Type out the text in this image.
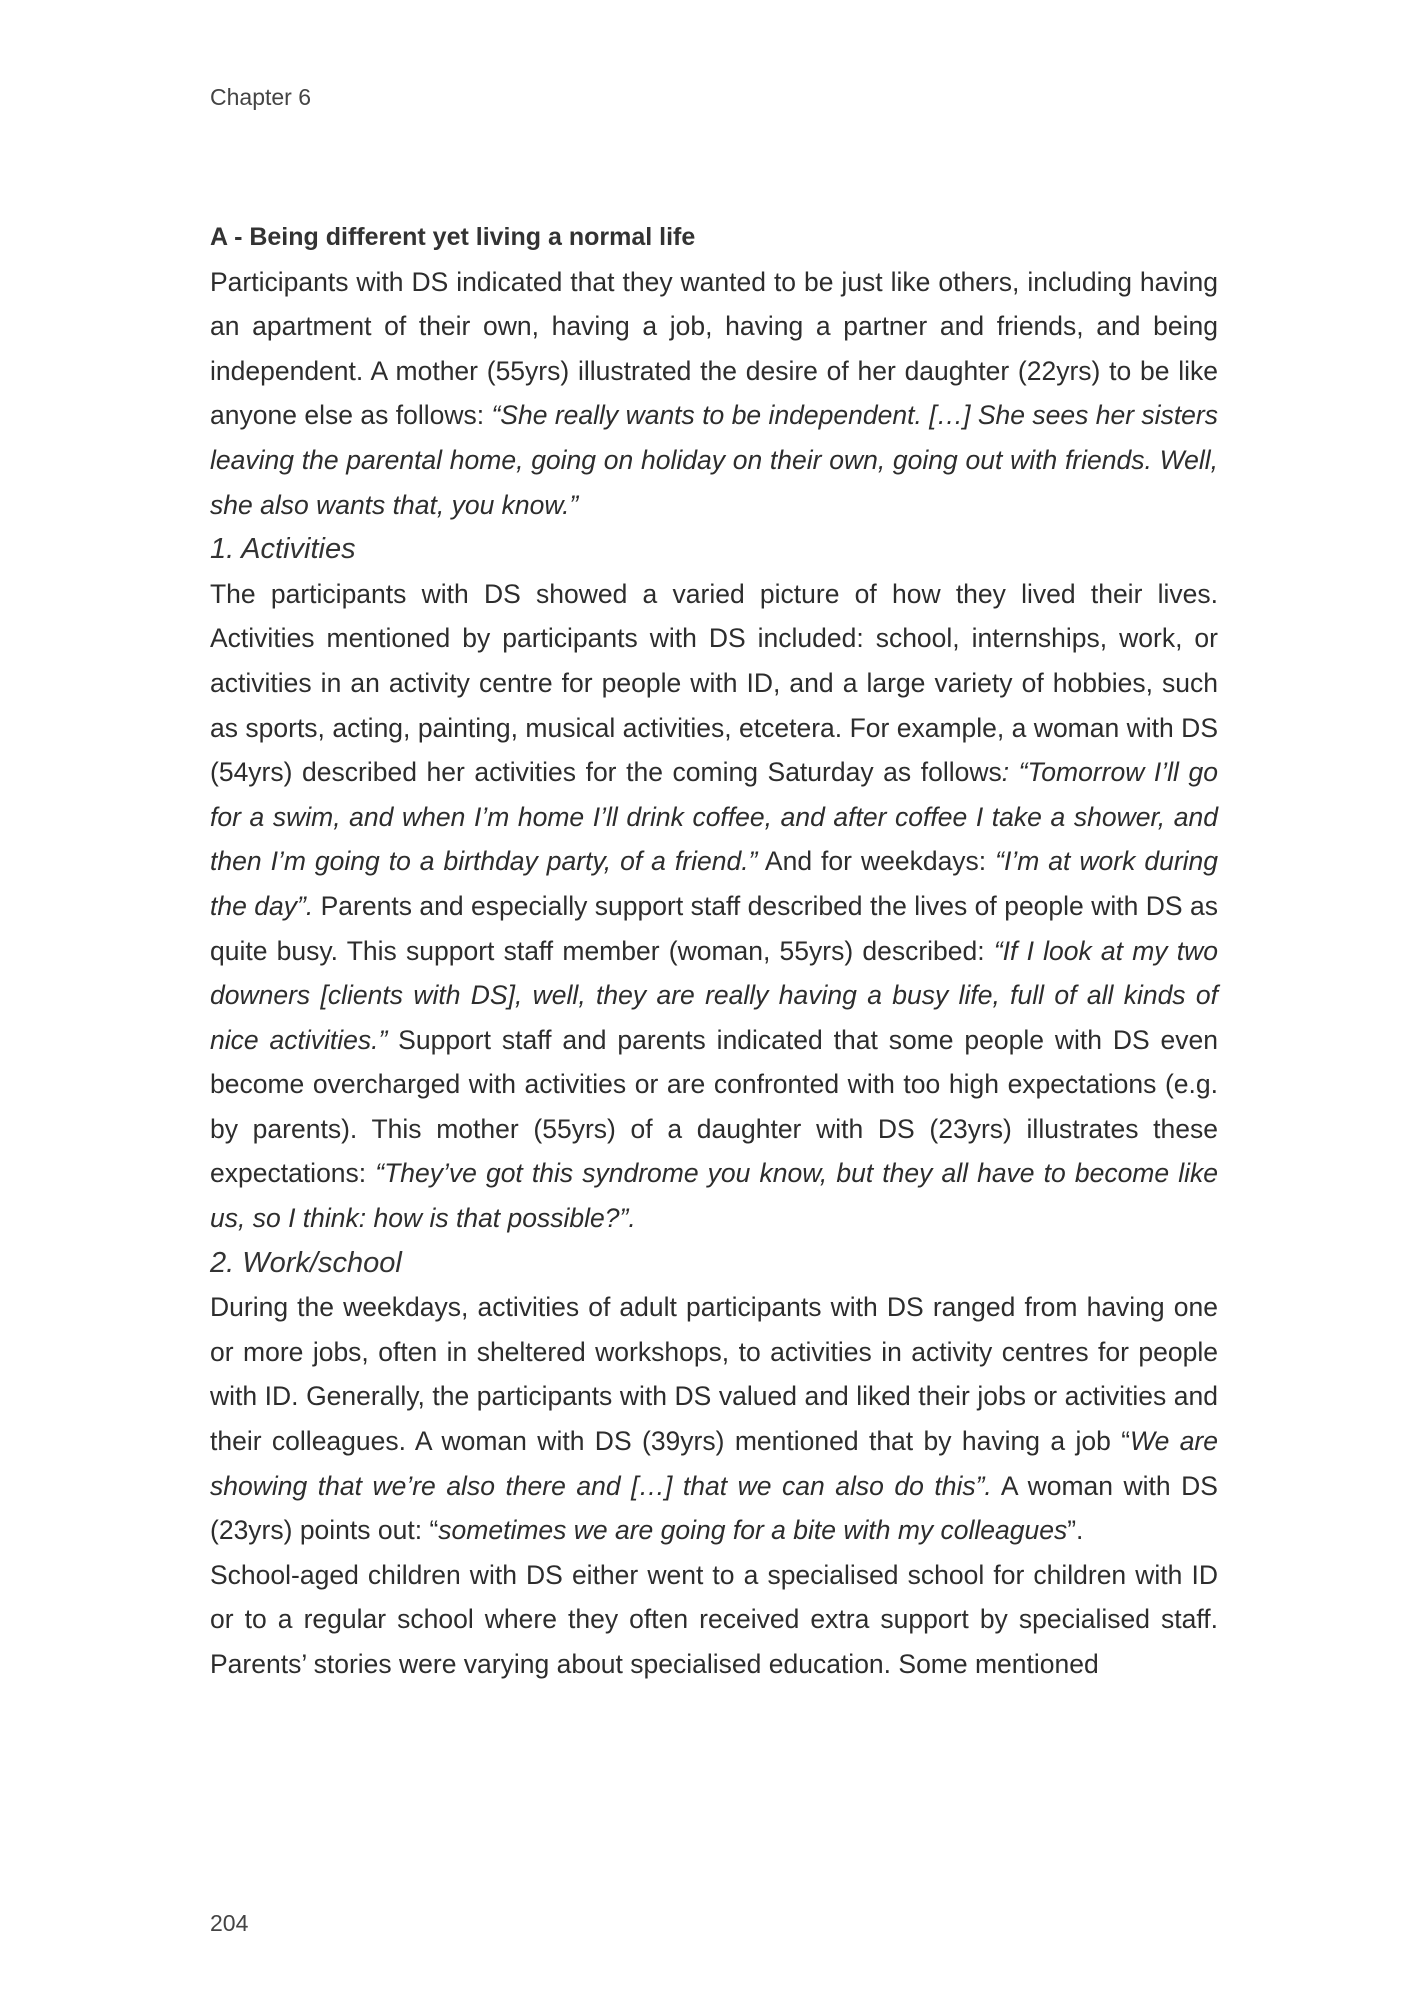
Chapter 6

A - Being different yet living a normal life

Participants with DS indicated that they wanted to be just like others, including having an apartment of their own, having a job, having a partner and friends, and being independent. A mother (55yrs) illustrated the desire of her daughter (22yrs) to be like anyone else as follows: “She really wants to be independent. […] She sees her sisters leaving the parental home, going on holiday on their own, going out with friends. Well, she also wants that, you know.”

1. Activities

The participants with DS showed a varied picture of how they lived their lives. Activities mentioned by participants with DS included: school, internships, work, or activities in an activity centre for people with ID, and a large variety of hobbies, such as sports, acting, painting, musical activities, etcetera. For example, a woman with DS (54yrs) described her activities for the coming Saturday as follows: “Tomorrow I’ll go for a swim, and when I’m home I’ll drink coffee, and after coffee I take a shower, and then I’m going to a birthday party, of a friend.” And for weekdays: “I’m at work during the day”. Parents and especially support staff described the lives of people with DS as quite busy. This support staff member (woman, 55yrs) described: “If I look at my two downers [clients with DS], well, they are really having a busy life, full of all kinds of nice activities.” Support staff and parents indicated that some people with DS even become overcharged with activities or are confronted with too high expectations (e.g. by parents). This mother (55yrs) of a daughter with DS (23yrs) illustrates these expectations: “They’ve got this syndrome you know, but they all have to become like us, so I think: how is that possible?”.

2. Work/school

During the weekdays, activities of adult participants with DS ranged from having one or more jobs, often in sheltered workshops, to activities in activity centres for people with ID. Generally, the participants with DS valued and liked their jobs or activities and their colleagues. A woman with DS (39yrs) mentioned that by having a job “We are showing that we’re also there and […] that we can also do this”. A woman with DS (23yrs) points out: “sometimes we are going for a bite with my colleagues”.

School-aged children with DS either went to a specialised school for children with ID or to a regular school where they often received extra support by specialised staff. Parents’ stories were varying about specialised education. Some mentioned

204
